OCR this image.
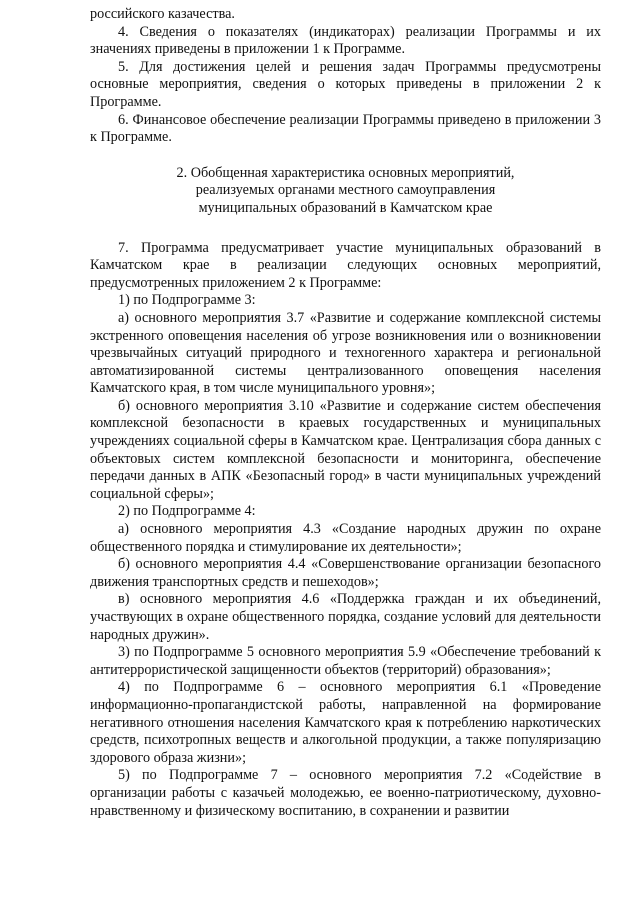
российского казачества.

4. Сведения о показателях (индикаторах) реализации Программы и их значениях приведены в приложении 1 к Программе.

5. Для достижения целей и решения задач Программы предусмотрены основные мероприятия, сведения о которых приведены в приложении 2 к Программе.

6. Финансовое обеспечение реализации Программы приведено в приложении 3 к Программе.

2. Обобщенная характеристика основных мероприятий,
реализуемых органами местного самоуправления
муниципальных образований в Камчатском крае

7. Программа предусматривает участие муниципальных образований в Камчатском крае в реализации следующих основных мероприятий, предусмотренных приложением 2 к Программе:

1) по Подпрограмме 3:

а) основного мероприятия 3.7 «Развитие и содержание комплексной системы экстренного оповещения населения об угрозе возникновения или о возникновении чрезвычайных ситуаций природного и техногенного характера и региональной автоматизированной системы централизованного оповещения населения Камчатского края, в том числе муниципального уровня»;

б) основного мероприятия 3.10 «Развитие и содержание систем обеспечения комплексной безопасности в краевых государственных и муниципальных учреждениях социальной сферы в Камчатском крае. Централизация сбора данных с объектовых систем комплексной безопасности и мониторинга, обеспечение передачи данных в АПК «Безопасный город» в части муниципальных учреждений социальной сферы»;

2) по Подпрограмме 4:

а) основного мероприятия 4.3 «Создание народных дружин по охране общественного порядка и стимулирование их деятельности»;

б) основного мероприятия 4.4 «Совершенствование организации безопасного движения транспортных средств и пешеходов»;

в) основного мероприятия 4.6 «Поддержка граждан и их объединений, участвующих в охране общественного порядка, создание условий для деятельности народных дружин».

3) по Подпрограмме 5 основного мероприятия 5.9 «Обеспечение требований к антитеррористической защищенности объектов (территорий) образования»;

4) по Подпрограмме 6 – основного мероприятия 6.1 «Проведение информационно-пропагандистской работы, направленной на формирование негативного отношения населения Камчатского края к потреблению наркотических средств, психотропных веществ и алкогольной продукции, а также популяризацию здорового образа жизни»;

5) по Подпрограмме 7 – основного мероприятия 7.2 «Содействие в организации работы с казачьей молодежью, ее военно-патриотическому, духовно-нравственному и физическому воспитанию, в сохранении и развитии
